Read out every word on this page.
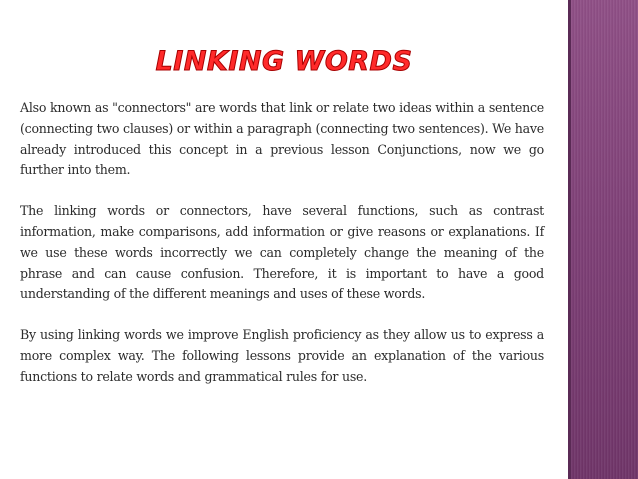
LINKING WORDS

Also known as "connectors" are words that link or relate two ideas within a sentence (connecting two clauses) or within a paragraph (connecting two sentences). We have already introduced this concept in a previous lesson Conjunctions, now we go further into them.

The linking words or connectors, have several functions, such as contrast information, make comparisons, add information or give reasons or explanations. If we use these words incorrectly we can completely change the meaning of the phrase and can cause confusion. Therefore, it is important to have a good understanding of the different meanings and uses of these words.

By using linking words we improve English proficiency as they allow us to express a more complex way. The following lessons provide an explanation of the various functions to relate words and grammatical rules for use.
